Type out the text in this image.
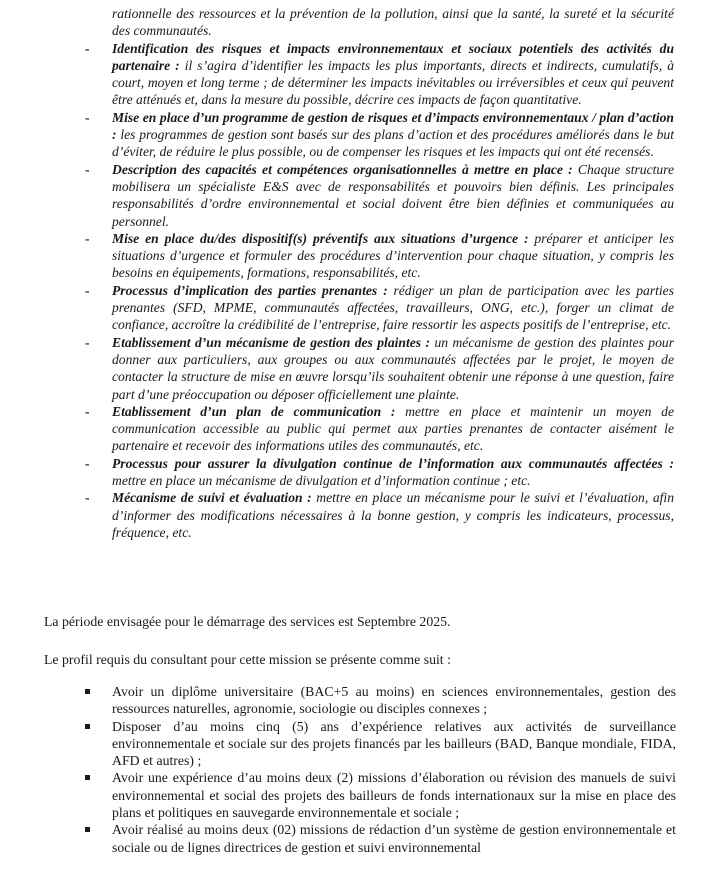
rationnelle des ressources et la prévention de la pollution, ainsi que la santé, la sureté et la sécurité des communautés.

- Identification des risques et impacts environnementaux et sociaux potentiels des activités du partenaire : il s’agira d’identifier les impacts les plus importants, directs et indirects, cumulatifs, à court, moyen et long terme ; de déterminer les impacts inévitables ou irréversibles et ceux qui peuvent être atténués et, dans la mesure du possible, décrire ces impacts de façon quantitative.
- Mise en place d’un programme de gestion de risques et d’impacts environnementaux / plan d’action : les programmes de gestion sont basés sur des plans d’action et des procédures améliorés dans le but d’éviter, de réduire le plus possible, ou de compenser les risques et les impacts qui ont été recensés.
- Description des capacités et compétences organisationnelles à mettre en place : Chaque structure mobilisera un spécialiste E&S avec de responsabilités et pouvoirs bien définis. Les principales responsabilités d’ordre environnemental et social doivent être bien définies et communiquées au personnel.
- Mise en place du/des dispositif(s) préventifs aux situations d’urgence : préparer et anticiper les situations d’urgence et formuler des procédures d’intervention pour chaque situation, y compris les besoins en équipements, formations, responsabilités, etc.
- Processus d’implication des parties prenantes : rédiger un plan de participation avec les parties prenantes (SFD, MPME, communautés affectées, travailleurs, ONG, etc.), forger un climat de confiance, accroître la crédibilité de l’entreprise, faire ressortir les aspects positifs de l’entreprise, etc.
- Etablissement d’un mécanisme de gestion des plaintes : un mécanisme de gestion des plaintes pour donner aux particuliers, aux groupes ou aux communautés affectées par le projet, le moyen de contacter la structure de mise en œuvre lorsqu’ils souhaitent obtenir une réponse à une question, faire part d’une préoccupation ou déposer officiellement une plainte.
- Etablissement d’un plan de communication : mettre en place et maintenir un moyen de communication accessible au public qui permet aux parties prenantes de contacter aisément le partenaire et recevoir des informations utiles des communautés, etc.
- Processus pour assurer la divulgation continue de l’information aux communautés affectées : mettre en place un mécanisme de divulgation et d’information continue ; etc.
- Mécanisme de suivi et évaluation : mettre en place un mécanisme pour le suivi et l’évaluation, afin d’informer des modifications nécessaires à la bonne gestion, y compris les indicateurs, processus, fréquence, etc.

La période envisagée pour le démarrage des services est Septembre 2025.

Le profil requis du consultant pour cette mission se présente comme suit :

Avoir un diplôme universitaire (BAC+5 au moins) en sciences environnementales, gestion des ressources naturelles, agronomie, sociologie ou disciples connexes ;
Disposer d’au moins cinq (5) ans d’expérience relatives aux activités de surveillance environnementale et sociale sur des projets financés par les bailleurs (BAD, Banque mondiale, FIDA, AFD et autres) ;
Avoir une expérience d’au moins deux (2) missions d’élaboration ou révision des manuels de suivi environnemental et social des projets des bailleurs de fonds internationaux sur la mise en place des plans et politiques en sauvegarde environnementale et sociale ;
Avoir réalisé au moins deux (02) missions de rédaction d’un système de gestion environnementale et sociale ou de lignes directrices de gestion et suivi environnemental
